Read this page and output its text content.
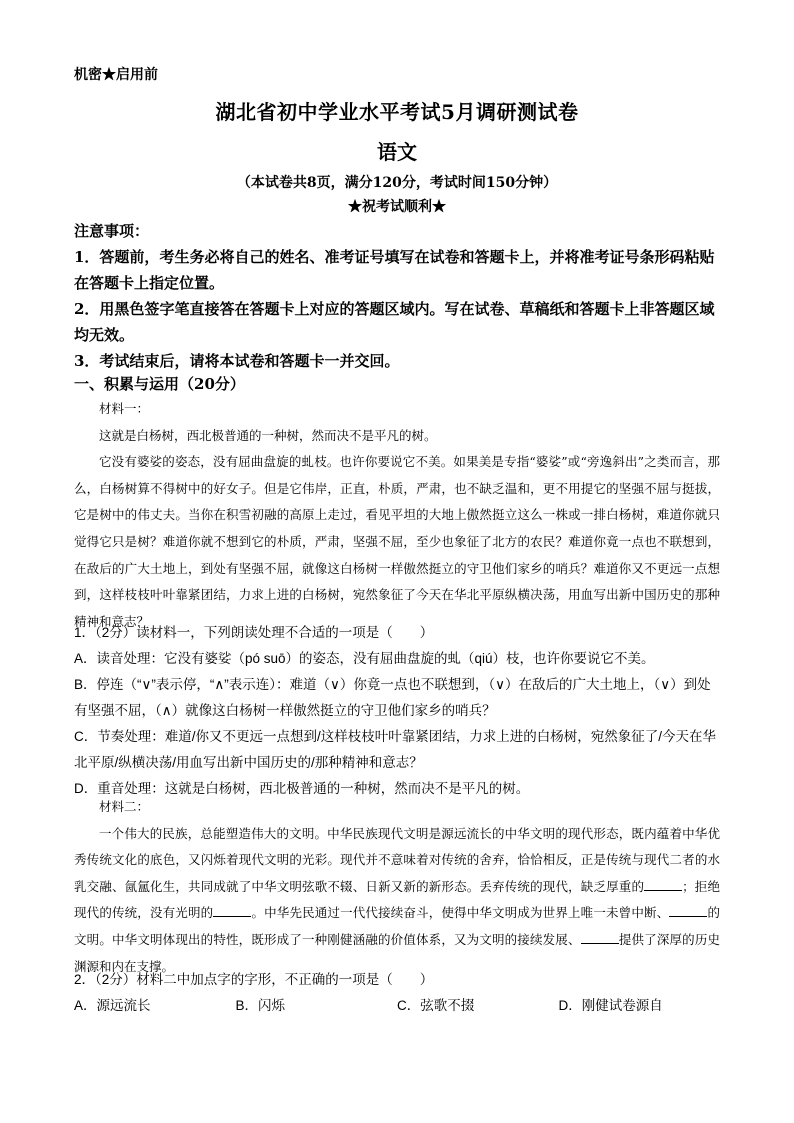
机密★启用前
湖北省初中学业水平考试5月调研测试卷
语文
（本试卷共8页，满分120分，考试时间150分钟）
★祝考试顺利★
注意事项：
1．答题前，考生务必将自己的姓名、准考证号填写在试卷和答题卡上，并将准考证号条形码粘贴在答题卡上指定位置。
2．用黑色签字笔直接答在答题卡上对应的答题区域内。写在试卷、草稿纸和答题卡上非答题区域均无效。
3．考试结束后，请将本试卷和答题卡一并交回。
一、积累与运用（20分）

材料一：

这就是白杨树，西北极普通的一种树，然而决不是平凡的树。

它没有婆娑的姿态，没有屈曲盘旋的虬枝。也许你要说它不美。如果美是专指“婆娑”或“旁逸斜出”之类而言，那么，白杨树算不得树中的好女子。但是它伟岸，正直，朴质，严肃，也不缺乏温和，更不用提它的坚强不屈与挺拔，它是树中的伟丈夫。当你在积雪初融的高原上走过，看见平坦的大地上傲然挺立这么一株或一排白杨树，难道你就只觉得它只是树？难道你就不想到它的朴质，严肃，坚强不屈，至少也象征了北方的农民？难道你竟一点也不联想到，在敌后的广大土地上，到处有坚强不屈，就像这白杨树一样傲然挺立的守卫他们家乡的哨兵？难道你又不更远一点想到，这样枝枝叶叶靠紧团结，力求上进的白杨树，宛然象征了今天在华北平原纵横决荡，用血写出新中国历史的那种精神和意志？

1．（2分）读材料一，下列朗读处理不合适的一项是（　　）

A．读音处理：它没有婆娑（pó suō）的姿态，没有屈曲盘旋的虬（qiú）枝，也许你要说它不美。

B．停连（“∨”表示停，“∧”表示连）：难道（∨）你竟一点也不联想到，（∨）在敌后的广大土地上，（∨）到处有坚强不屈，（∧）就像这白杨树一样傲然挺立的守卫他们家乡的哨兵？

C．节奏处理：难道/你又不更远一点想到/这样枝枝叶叶靠紧团结，力求上进的白杨树，宛然象征了/今天在华北平原/纵横决荡/用血写出新中国历史的/那种精神和意志？

D．重音处理：这就是白杨树，西北极普通的一种树，然而决不是平凡的树。

材料二：

一个伟大的民族，总能塑造伟大的文明。中华民族现代文明是源远流长的中华文明的现代形态，既内蕴着中华优秀传统文化的底色，又闪烁着现代文明的光彩。现代并不意味着对传统的舍弃，恰恰相反，正是传统与现代二者的水乳交融、氤氲化生，共同成就了中华文明弦歌不辍、日新又新的新形态。丢弃传统的现代，缺乏厚重的	；拒绝现代的传统，没有光明的	。中华先民通过一代代接续奋斗，使得中华文明成为世界上唯一未曾中断、	的文明。中华文明体现出的特性，既形成了一种刚健涵融的价值体系，又为文明的接续发展、	提供了深厚的历史渊源和内在支撑。

2．（2分）材料二中加点字的字形，不正确的一项是（　　）

A．源远流长	B．闪烁	C．弦歌不掇	D．刚健试卷源自
